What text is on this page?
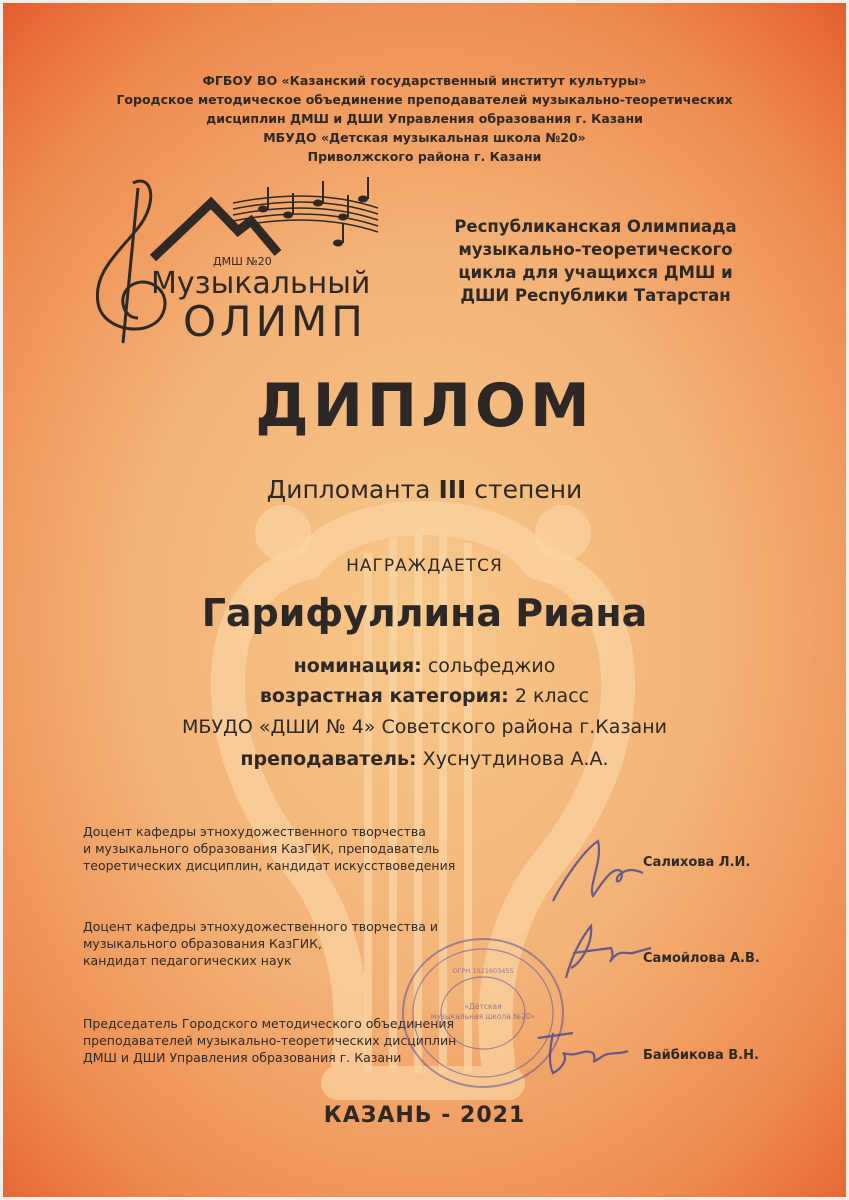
ФГБОУ ВО «Казанский государственный институт культуры»
Городское методическое объединение преподавателей музыкально-теоретических
дисциплин ДМШ и ДШИ Управления образования г. Казани
МБУДО «Детская музыкальная школа №20»
Приволжского района г. Казани
ДМШ №20
Музыкальный
ОЛИМП
Республиканская Олимпиада
музыкально-теоретического
цикла для учащихся ДМШ и
ДШИ Республики Татарстан
ДИПЛОМ
Дипломанта III степени
НАГРАЖДАЕТСЯ
Гарифуллина Риана
номинация: сольфеджио
возрастная категория: 2 класс
МБУДО «ДШИ № 4» Советского района г.Казани
преподаватель: Хуснутдинова А.А.
Доцент кафедры этнохудожественного творчества
и музыкального образования КазГИК, преподаватель
теоретических дисциплин, кандидат искусствоведения	Салихова Л.И.
Доцент кафедры этнохудожественного творчества и
музыкального образования КазГИК,
кандидат педагогических наук	Самойлова А.В.
Председатель Городского методического объединения
преподавателей музыкально-теоретических дисциплин
ДМШ и ДШИ Управления образования г. Казани	Байбикова В.Н.
«Детская
музыкальная школа №20»
ОГРН 1021603455
КАЗАНЬ - 2021
